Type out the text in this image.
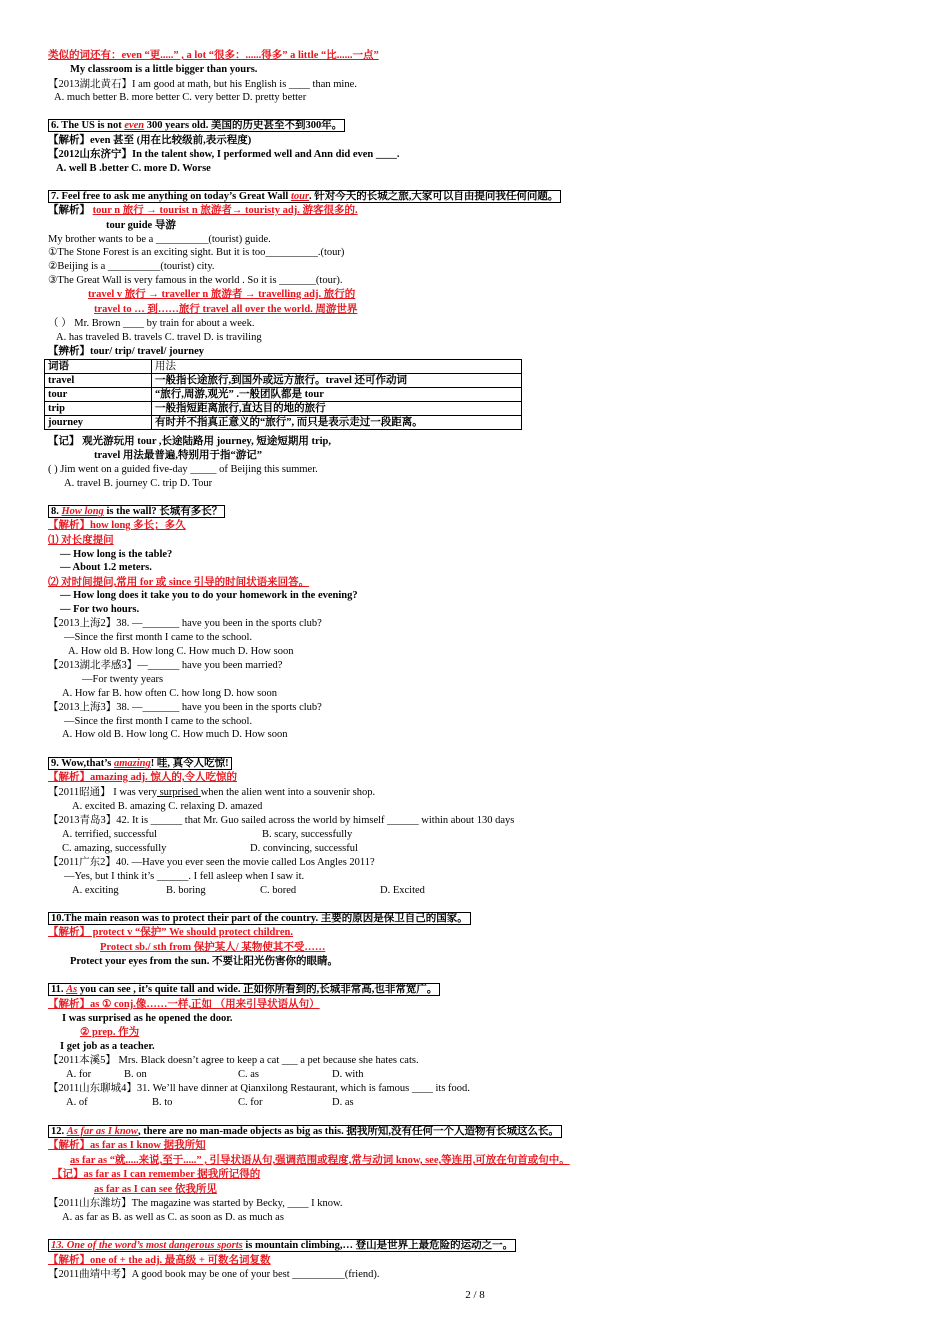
类似的词还有：even “更.....” , a lot “很多：......得多” a little “比......一点”
My classroom is a little bigger than yours.
【2013湖北黄石】I am good at math, but his English is ____ than mine.
A. much better B. more better C. very better D. pretty better
6. The US is not even 300 years old. 美国的历史甚至不到300年。
【解析】even 甚至 (用在比较级前,表示程度)
【2012山东济宁】In the talent show, I performed well and Ann did even ____.
A. well B .better C. more D. Worse
7. Feel free to ask me anything on today’s Great Wall tour. 针对今天的长城之旅,大家可以自由提问我任何问题。
【解析】 tour n 旅行 → tourist n 旅游者→ touristy adj. 游客很多的.
tour guide 导游
My brother wants to be a __________(tourist) guide.
①The Stone Forest is an exciting sight. But it is too__________.(tour)
②Beijing is a __________(tourist) city.
③The Great Wall is very famous in the world . So it is _______(tour).
travel v 旅行 → traveller n 旅游者 → travelling adj. 旅行的
travel to … 到……旅行 travel all over the world. 周游世界
（ ） Mr. Brown ____ by train for about a week.
A. has traveled B. travels C. travel D. is traviling
【辨析】tour/ trip/ travel/ journey
词语	用法
travel	一般指长途旅行,到国外或远方旅行。travel 还可作动词
tour	“旅行,周游,观光” .一般团队都是 tour
trip	一般指短距离旅行,直达目的地的旅行
journey	有时并不指真正意义的“旅行”, 而只是表示走过一段距离。
【记】 观光游玩用 tour ,长途陆路用 journey, 短途短期用 trip,
travel 用法最普遍,特别用于指“游记”
( ) Jim went on a guided five-day _____ of Beijing this summer.
A. travel B. journey C. trip D. Tour
8. How long is the wall? 长城有多长？
【解析】how long 多长；多久
⑴ 对长度提问
— How long is the table?
— About 1.2 meters.
⑵ 对时间提问,常用 for 或 since 引导的时间状语来回答。
— How long does it take you to do your homework in the evening?
— For two hours.
【2013上海2】38. —_______ have you been in the sports club?
—Since the first month I came to the school.
A. How old B. How long C. How much D. How soon
【2013湖北孝感3】—______ have you been married?
—For twenty years
A. How far B. how often C. how long D. how soon
【2013上海3】38. —_______ have you been in the sports club?
—Since the first month I came to the school.
A. How old B. How long C. How much D. How soon
9. Wow,that’s amazing! 哇, 真令人吃惊!
【解析】amazing adj. 惊人的,令人吃惊的
【2011昭通】 I was very surprised when the alien went into a souvenir shop.
A. excited B. amazing C. relaxing D. amazed
【2013青岛3】42. It is ______ that Mr. Guo sailed across the world by himself ______ within about 130 days
A. terrified, successful	B. scary, successfully
C. amazing, successfully	D. convincing, successful
【2011广东2】40. —Have you ever seen the movie called Los Angles 2011?
—Yes, but I think it’s ______. I fell asleep when I saw it.
A. exciting	B. boring	C. bored	D. Excited
10.The main reason was to protect their part of the country. 主要的原因是保卫自己的国家。
【解析】 protect v “保护” We should protect children.
Protect sb./ sth from 保护某人/ 某物使其不受……
Protect your eyes from the sun. 不要让阳光伤害你的眼睛。
11. As you can see , it’s quite tall and wide. 正如你所看到的,长城非常高,也非常宽广。
【解析】as ① conj.像……一样,正如 （用来引导状语从句）
I was surprised as he opened the door.
② prep. 作为
I get job as a teacher.
【2011本溪5】 Mrs. Black doesn’t agree to keep a cat ___ a pet because she hates cats.
A. for	B. on	C. as	D. with
【2011山东聊城4】31. We’ll have dinner at Qianxilong Restaurant, which is famous ____ its food.
A. of	B. to	C. for	D. as
12. As far as I know, there are no man-made objects as big as this. 据我所知,没有任何一个人造物有长城这么长。
【解析】as far as I know 据我所知
as far as “就.....来说,至于.....” , 引导状语从句,强调范围或程度,常与动词 know, see,等连用,可放在句首或句中。
【记】as far as I can remember 据我所记得的
as far as I can see 依我所见
【2011山东潍坊】The magazine was started by Becky, ____ I know.
A. as far as B. as well as C. as soon as D. as much as
13. One of the word’s most dangerous sports is mountain climbing,… 登山是世界上最危险的运动之一。
【解析】one of + the adj. 最高级 + 可数名词复数
【2011曲靖中考】A good book may be one of your best __________(friend).
2 / 8
